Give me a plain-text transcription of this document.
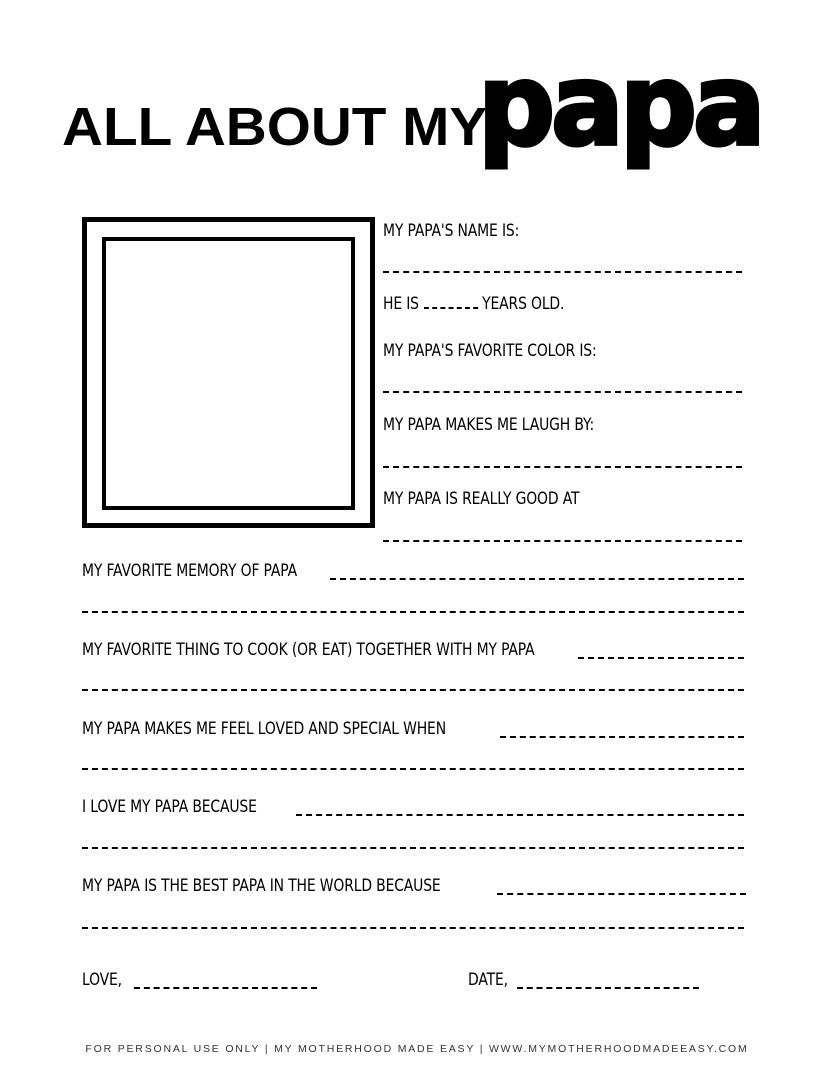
ALL ABOUT MY
papa
MY PAPA'S NAME IS:
HE IS	YEARS OLD.
MY PAPA'S FAVORITE COLOR IS:
MY PAPA MAKES ME LAUGH BY:
MY PAPA IS REALLY GOOD AT
MY FAVORITE MEMORY OF PAPA
MY FAVORITE THING TO COOK (OR EAT) TOGETHER WITH MY PAPA
MY PAPA MAKES ME FEEL LOVED AND SPECIAL WHEN
I LOVE MY PAPA BECAUSE
MY PAPA IS THE BEST PAPA IN THE WORLD BECAUSE
LOVE,	DATE,
FOR PERSONAL USE ONLY | MY MOTHERHOOD MADE EASY | WWW.MYMOTHERHOODMADEEASY.COM
